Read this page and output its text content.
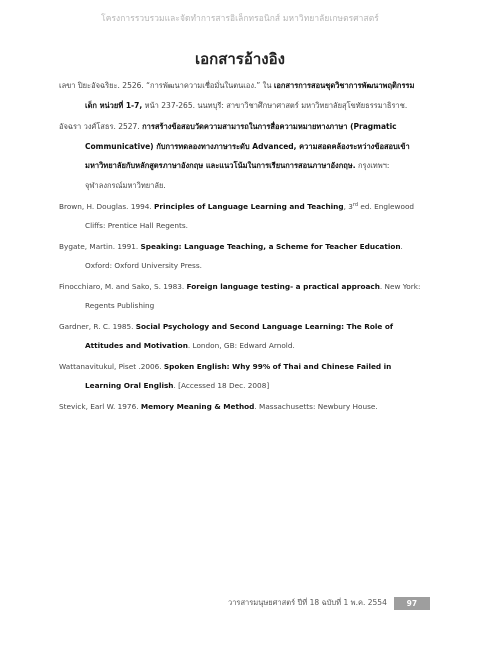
โครงการรวบรวมและจัดทำการสารอิเล็กทรอนิกส์ มหาวิทยาลัยเกษตรศาสตร์
เอกสารอ้างอิง

เลขา ปิยะอัจฉริยะ. 2526. “การพัฒนาความเชื่อมั่นในตนเอง.” ใน เอกสารการสอนชุดวิชาการพัฒนาพฤติกรรมเด็ก หน่วยที่ 1-7, หน้า 237-265. นนทบุรี: สาขาวิชาศึกษาศาสตร์ มหาวิทยาลัยสุโขทัยธรรมาธิราช.

อัจฉรา วงศ์โสธร. 2527. การสร้างข้อสอบวัดความสามารถในการสื่อความหมายทางภาษา (Pragmatic Communicative) กับการทดลองทางภาษาระดับ Advanced, ความสอดคล้องระหว่างข้อสอบเข้ามหาวิทยาลัยกับหลักสูตรภาษาอังกฤษ และแนวโน้มในการเรียนการสอนภาษาอังกฤษ. กรุงเทพฯ: จุฬาลงกรณ์มหาวิทยาลัย.

Brown, H. Douglas. 1994. Principles of Language Learning and Teaching, 3rd ed. Englewood Cliffs: Prentice Hall Regents.

Bygate, Martin. 1991. Speaking: Language Teaching, a Scheme for Teacher Education. Oxford: Oxford University Press.

Finocchiaro, M. and Sako, S. 1983. Foreign language testing- a practical approach. New York: Regents Publishing

Gardner, R. C. 1985. Social Psychology and Second Language Learning: The Role of Attitudes and Motivation. London, GB: Edward Arnold.

Wattanavitukul, Piset .2006. Spoken English: Why 99% of Thai and Chinese Failed in Learning Oral English. [Accessed 18 Dec. 2008]

Stevick, Earl W. 1976. Memory Meaning & Method. Massachusetts: Newbury House.

วารสารมนุษยศาสตร์ ปีที่ 18 ฉบับที่ 1 พ.ค. 2554	97
